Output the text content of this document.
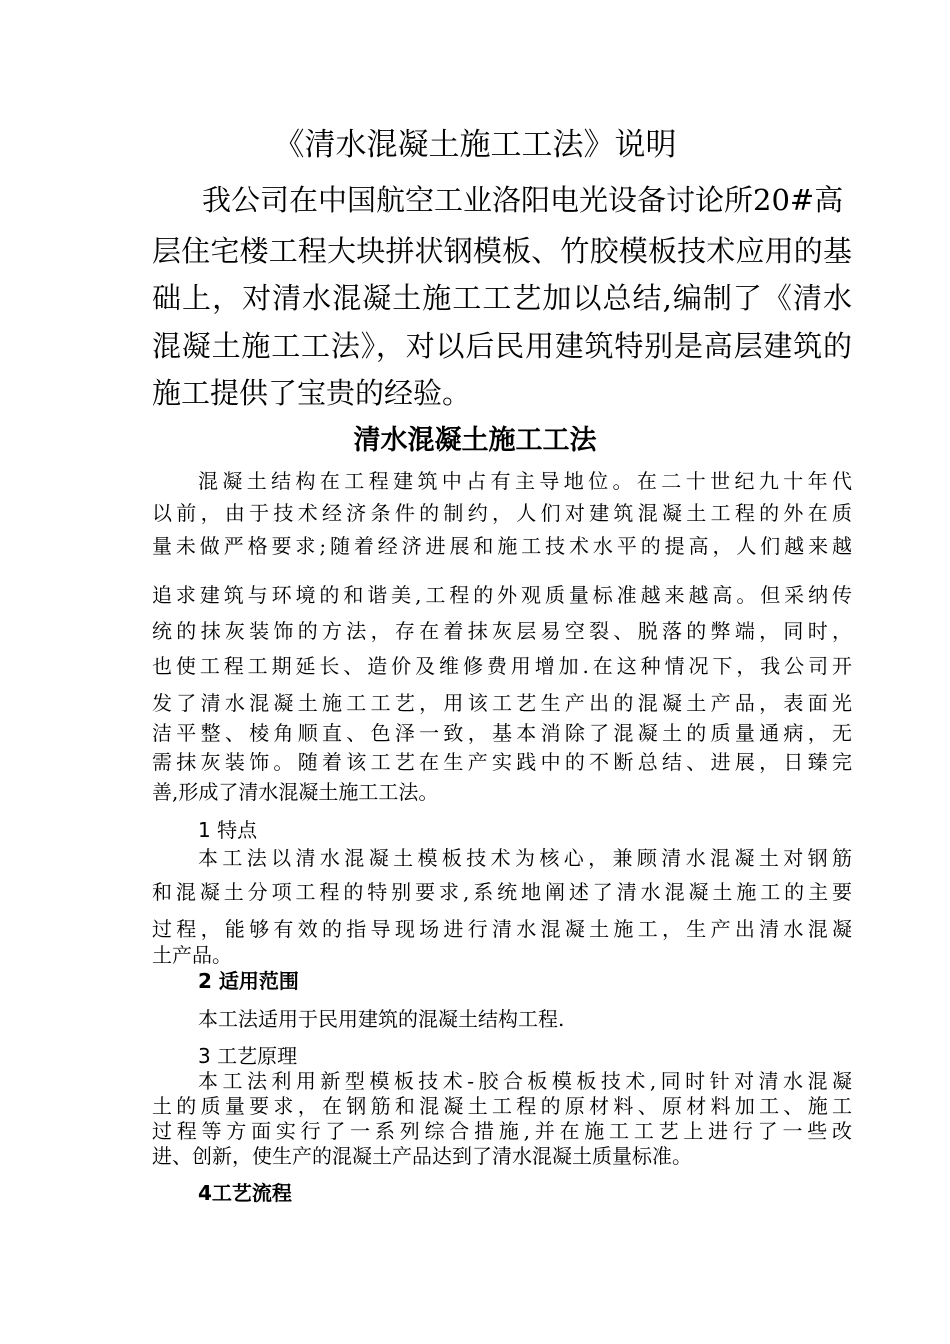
《清水混凝土施工工法》说明
我公司在中国航空工业洛阳电光设备讨论所20#高
层住宅楼工程大块拼状钢模板、竹胶模板技术应用的基
础上，对清水混凝土施工工艺加以总结,编制了《清水
混凝土施工工法》，对以后民用建筑特别是高层建筑的
施工提供了宝贵的经验。
清水混凝土施工工法
混凝土结构在工程建筑中占有主导地位。在二十世纪九十年代
以前，由于技术经济条件的制约，人们对建筑混凝土工程的外在质
量未做严格要求;随着经济进展和施工技术水平的提高，人们越来越
追求建筑与环境的和谐美,工程的外观质量标准越来越高。但采纳传
统的抹灰装饰的方法，存在着抹灰层易空裂、脱落的弊端，同时，
也使工程工期延长、造价及维修费用增加.在这种情况下，我公司开
发了清水混凝土施工工艺，用该工艺生产出的混凝土产品，表面光
洁平整、棱角顺直、色泽一致，基本消除了混凝土的质量通病，无
需抹灰装饰。随着该工艺在生产实践中的不断总结、进展，日臻完
善,形成了清水混凝土施工工法。
1 特点
本工法以清水混凝土模板技术为核心，兼顾清水混凝土对钢筋
和混凝土分项工程的特别要求,系统地阐述了清水混凝土施工的主要
过程，能够有效的指导现场进行清水混凝土施工，生产出清水混凝
土产品。
2 适用范围
本工法适用于民用建筑的混凝土结构工程.
3 工艺原理
本工法利用新型模板技术-胶合板模板技术,同时针对清水混凝
土的质量要求，在钢筋和混凝土工程的原材料、原材料加工、施工
过程等方面实行了一系列综合措施,并在施工工艺上进行了一些改
进、创新，使生产的混凝土产品达到了清水混凝土质量标准。
4工艺流程
